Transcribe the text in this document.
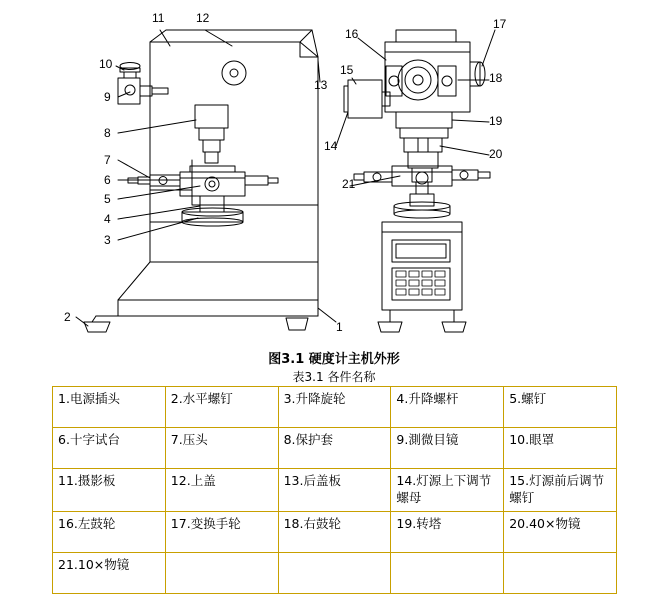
11	12
10
9
8
7
6
5
4
3
2
1
13
14
15
16
17
18
19
20
21
图3.1 硬度计主机外形
表3.1 各件名称
1.电源插头	2.水平螺钉	3.升降旋轮	4.升降螺杆	5.螺钉
6.十字试台	7.压头	8.保护套	9.測微目镜	10.眼罩
11.摄影板	12.上盖	13.后盖板	14.灯源上下调节螺母	15.灯源前后调节螺钉
16.左鼓轮	17.变换手轮	18.右鼓轮	19.转塔	20.40×物镜
21.10×物镜				
